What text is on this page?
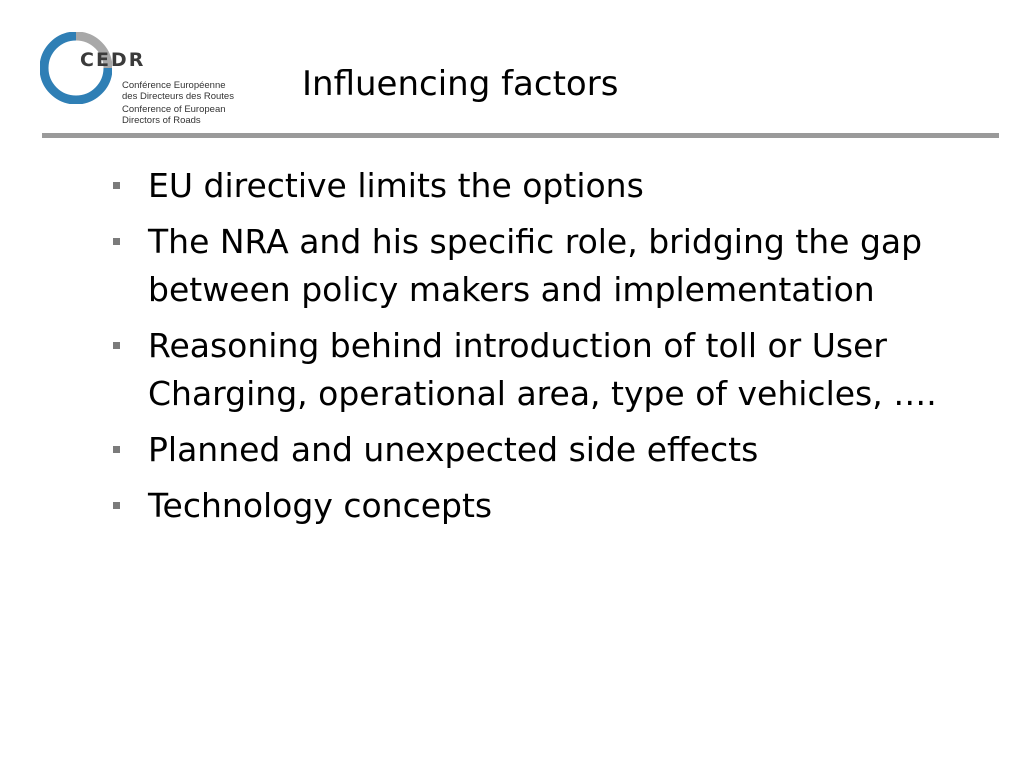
CEDR
Conférence Européenne
des Directeurs des Routes
Conference of European
Directors of Roads
Influencing factors
EU directive limits the options
The NRA and his specific role, bridging the gap between policy makers and implementation
Reasoning behind introduction of toll or User Charging, operational area, type of vehicles, ….
Planned and unexpected side effects
Technology concepts
